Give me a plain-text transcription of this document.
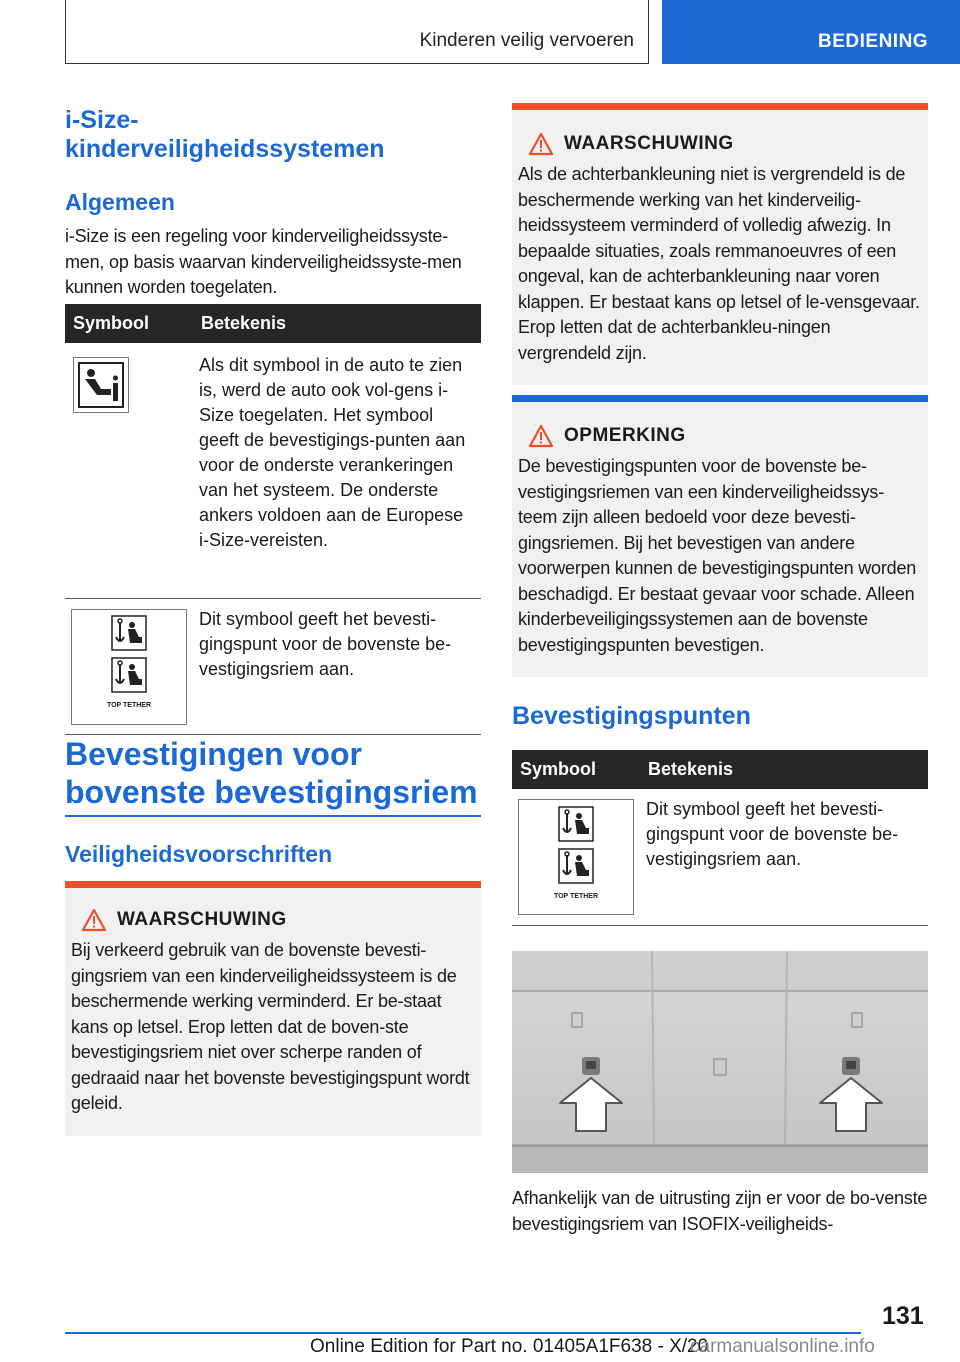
Kinderen veilig vervoeren	BEDIENING
i-Size-
kinderveiligheidssystemen
Algemeen

i-Size is een regeling voor kinderveiligheidssyste-men, op basis waarvan kinderveiligheidssyste-men kunnen worden toegelaten.

Symbool	Betekenis

	Als dit symbool in de auto te zien is, werd de auto ook vol-gens i-Size toegelaten. Het symbool geeft de bevestigings-punten aan voor de onderste verankeringen van het systeem. De onderste ankers voldoen aan de Europese i-Size-vereisten.

TOP TETHER	Dit symbool geeft het bevesti-gingspunt voor de bovenste be-vestigingsriem aan.
Bevestigingen voor bovenste bevestigingsriem
Veiligheidsvoorschriften
WAARSCHUWING

Bij verkeerd gebruik van de bovenste bevesti-gingsriem van een kinderveiligheidssysteem is de beschermende werking verminderd. Er be-staat kans op letsel. Erop letten dat de boven-ste bevestigingsriem niet over scherpe randen of gedraaid naar het bovenste bevestigingspunt wordt geleid.

WAARSCHUWING

Als de achterbankleuning niet is vergrendeld is de beschermende werking van het kinderveilig-heidssysteem verminderd of volledig afwezig. In bepaalde situaties, zoals remmanoeuvres of een ongeval, kan de achterbankleuning naar voren klappen. Er bestaat kans op letsel of le-vensgevaar. Erop letten dat de achterbankleu-ningen vergrendeld zijn.

OPMERKING

De bevestigingspunten voor de bovenste be-vestigingsriemen van een kinderveiligheidssys-teem zijn alleen bedoeld voor deze bevesti-gingsriemen. Bij het bevestigen van andere voorwerpen kunnen de bevestigingspunten worden beschadigd. Er bestaat gevaar voor schade. Alleen kinderbeveiligingssystemen aan de bovenste bevestigingspunten bevestigen.

Bevestigingspunten
Symbool	Betekenis

TOP TETHER	Dit symbool geeft het bevesti-gingspunt voor de bovenste be-vestigingsriem aan.

Afhankelijk van de uitrusting zijn er voor de bo-venste bevestigingsriem van ISOFIX-veiligheids-

131
Online Edition for Part no. 01405A1F638 - X/20
carmanualsonline.info
